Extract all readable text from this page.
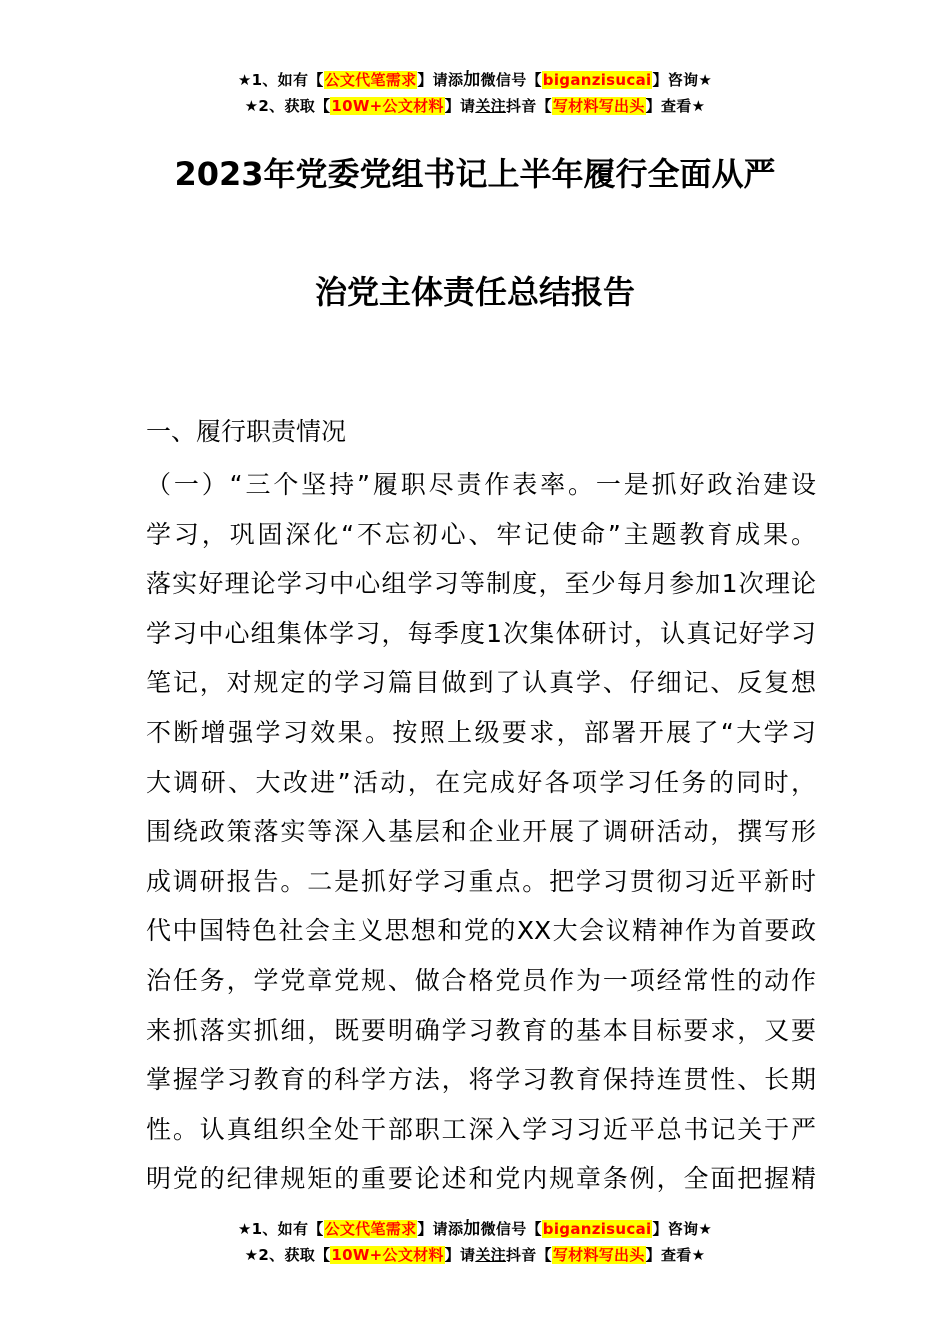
★1、如有【公文代笔需求】请添加微信号【biganzisucai】咨询★
★2、获取【10W+公文材料】请关注抖音【写材料写出头】查看★
2023年党委党组书记上半年履行全面从严
治党主体责任总结报告
一、履行职责情况
（一）“三个坚持”履职尽责作表率。一是抓好政治建设
学习，巩固深化“不忘初心、牢记使命”主题教育成果。
落实好理论学习中心组学习等制度，至少每月参加1次理论
学习中心组集体学习，每季度1次集体研讨，认真记好学习
笔记，对规定的学习篇目做到了认真学、仔细记、反复想
不断增强学习效果。按照上级要求，部署开展了“大学习
大调研、大改进”活动，在完成好各项学习任务的同时，
围绕政策落实等深入基层和企业开展了调研活动，撰写形
成调研报告。二是抓好学习重点。把学习贯彻习近平新时
代中国特色社会主义思想和党的XX大会议精神作为首要政
治任务，学党章党规、做合格党员作为一项经常性的动作
来抓落实抓细，既要明确学习教育的基本目标要求，又要
掌握学习教育的科学方法，将学习教育保持连贯性、长期
性。认真组织全处干部职工深入学习习近平总书记关于严
明党的纪律规矩的重要论述和党内规章条例，全面把握精
★1、如有【公文代笔需求】请添加微信号【biganzisucai】咨询★
★2、获取【10W+公文材料】请关注抖音【写材料写出头】查看★
